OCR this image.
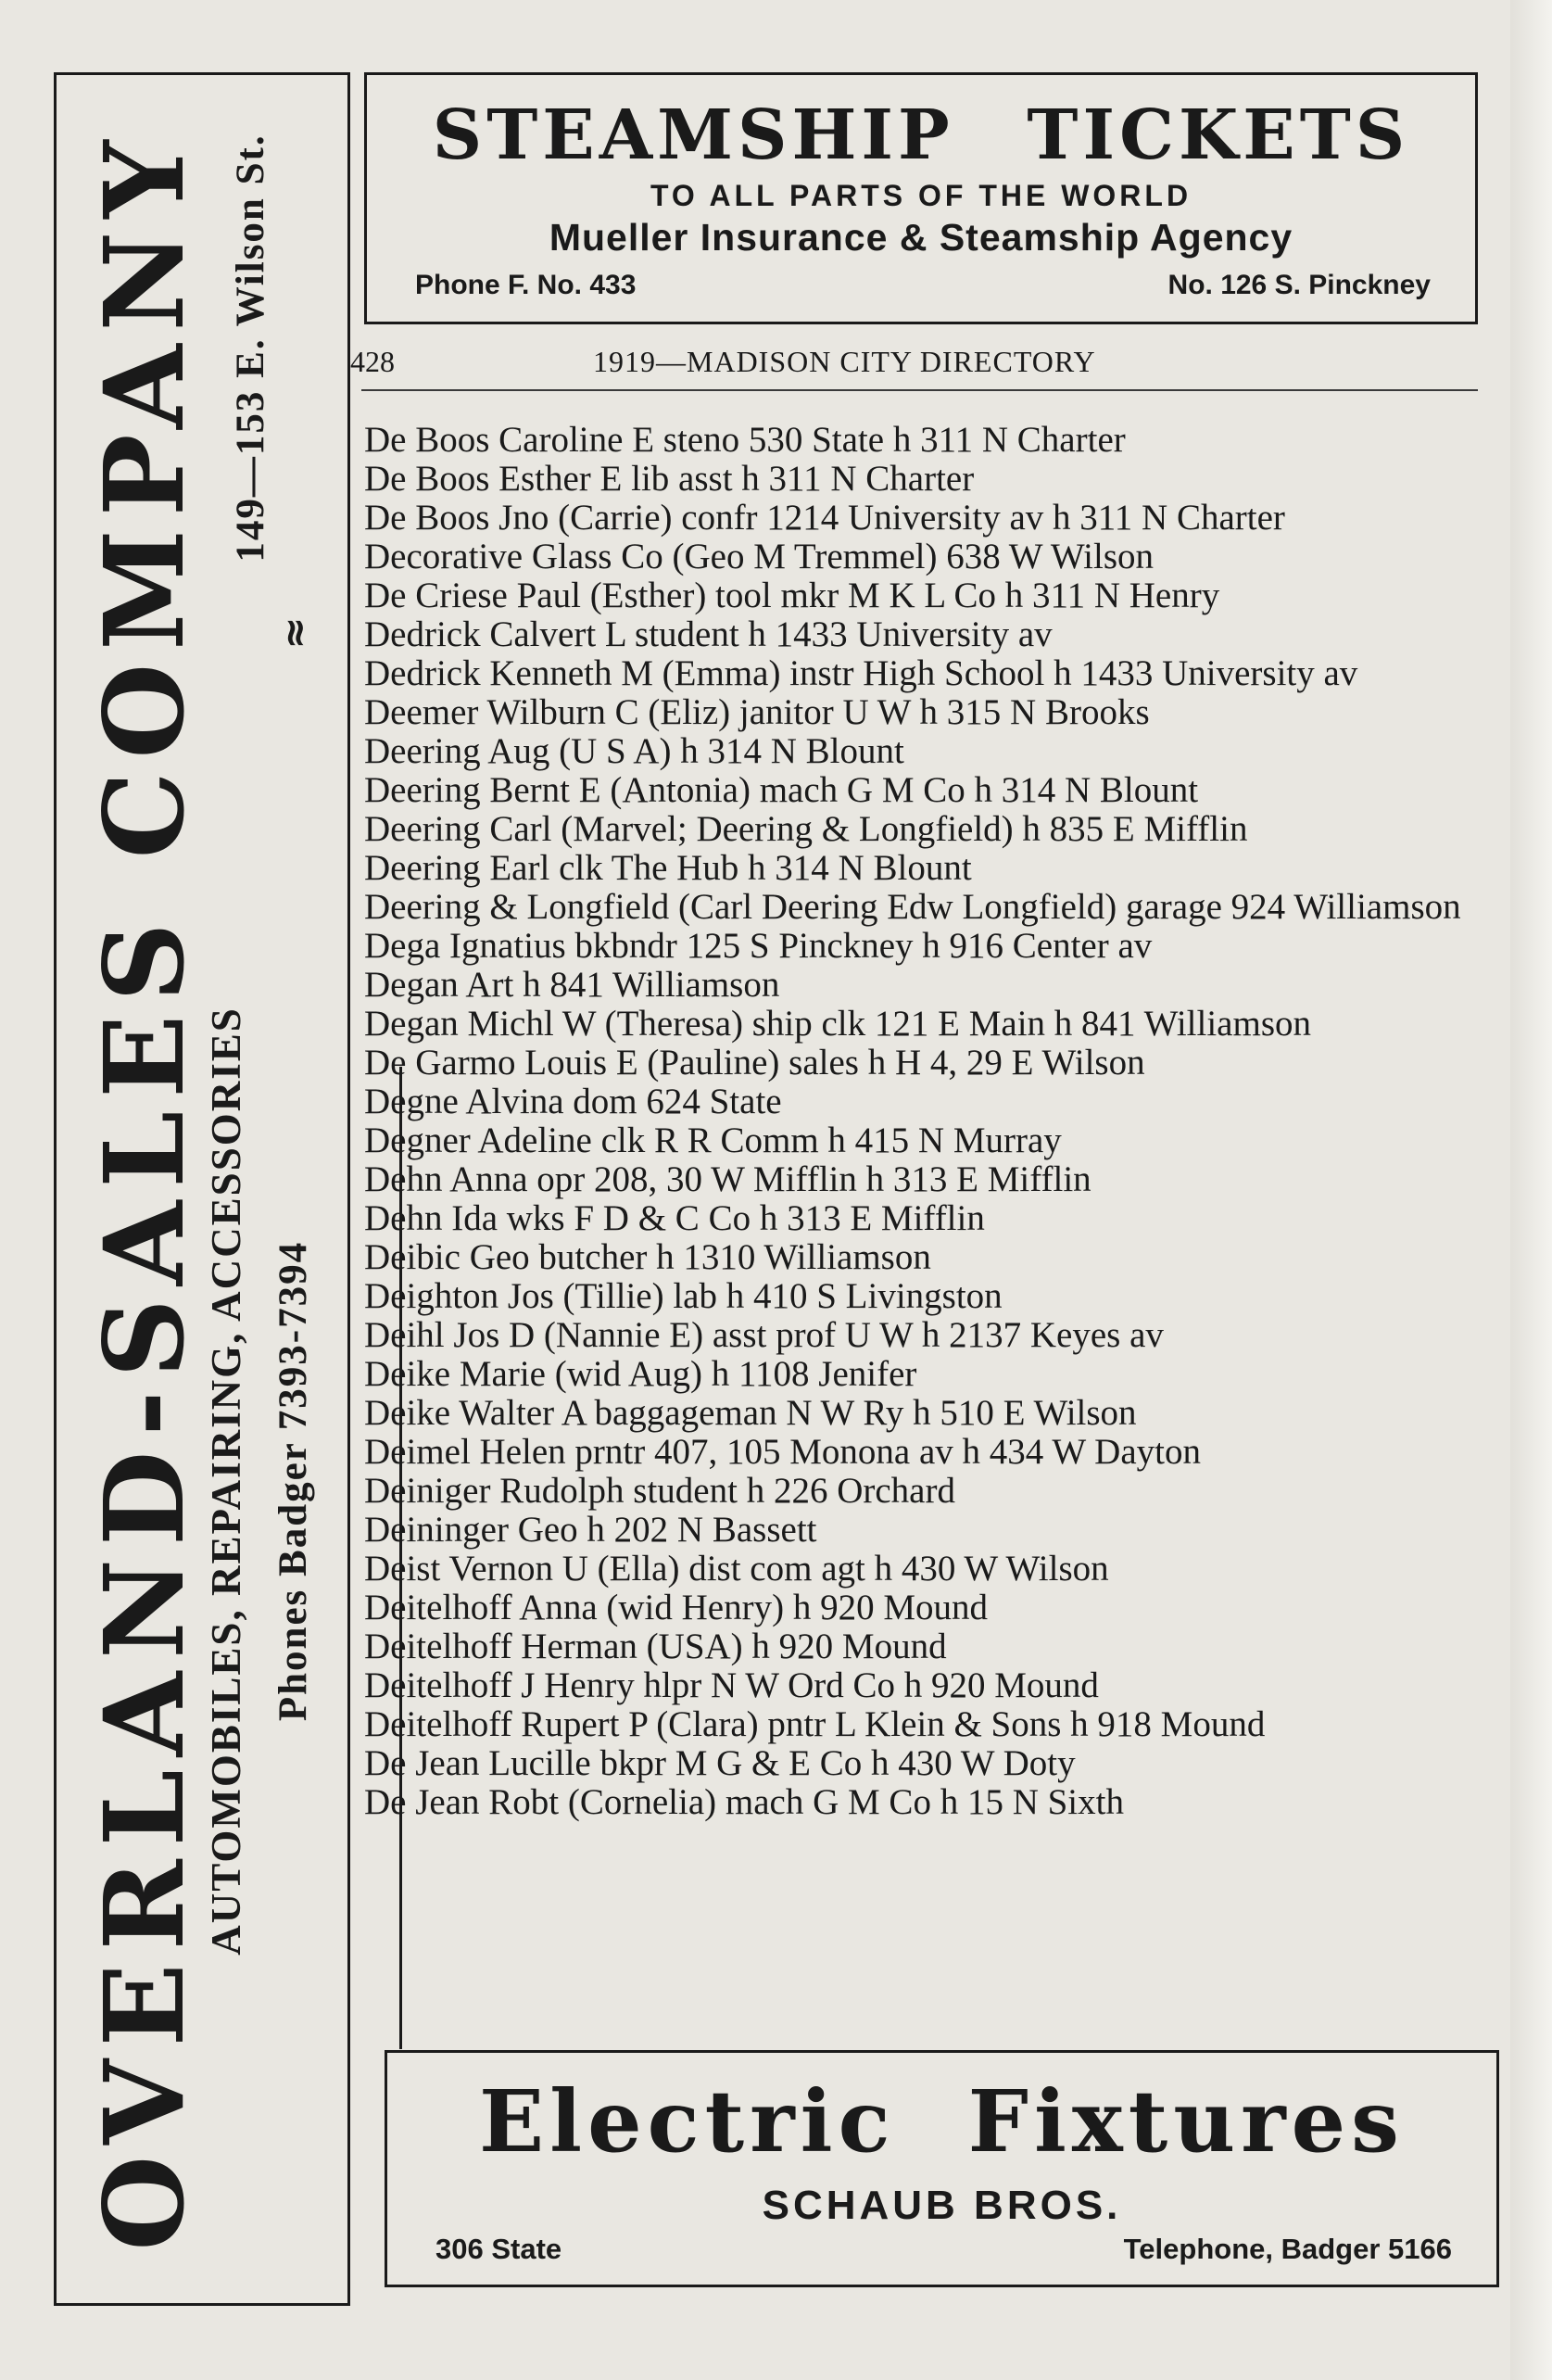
OVERLAND-SALES COMPANY
AUTOMOBILES, REPAIRING, ACCESSORIES Phones Badger 7393-7394
≈
149—153 E. Wilson St.	STEAMSHIP TICKETS
TO ALL PARTS OF THE WORLD
Mueller Insurance & Steamship Agency
Phone F. No. 433	No. 126 S. Pinckney
428	1919—MADISON CITY DIRECTORY
De Boos Caroline E steno 530 State h 311 N Charter
De Boos Esther E lib asst h 311 N Charter
De Boos Jno (Carrie) confr 1214 University av h 311 N Charter
Decorative Glass Co (Geo M Tremmel) 638 W Wilson
De Criese Paul (Esther) tool mkr M K L Co h 311 N Henry
Dedrick Calvert L student h 1433 University av
Dedrick Kenneth M (Emma) instr High School h 1433 University av
Deemer Wilburn C (Eliz) janitor U W h 315 N Brooks
Deering Aug (U S A) h 314 N Blount
Deering Bernt E (Antonia) mach G M Co h 314 N Blount
Deering Carl (Marvel; Deering & Longfield) h 835 E Mifflin
Deering Earl clk The Hub h 314 N Blount
Deering & Longfield (Carl Deering Edw Longfield) garage 924 Williamson
Dega Ignatius bkbndr 125 S Pinckney h 916 Center av
Degan Art h 841 Williamson
Degan Michl W (Theresa) ship clk 121 E Main h 841 Williamson
De Garmo Louis E (Pauline) sales h H 4, 29 E Wilson
Degne Alvina dom 624 State
Degner Adeline clk R R Comm h 415 N Murray
Dehn Anna opr 208, 30 W Mifflin h 313 E Mifflin
Dehn Ida wks F D & C Co h 313 E Mifflin
Deibic Geo butcher h 1310 Williamson
Deighton Jos (Tillie) lab h 410 S Livingston
Deihl Jos D (Nannie E) asst prof U W h 2137 Keyes av
Deike Marie (wid Aug) h 1108 Jenifer
Deike Walter A baggageman N W Ry h 510 E Wilson
Deimel Helen prntr 407, 105 Monona av h 434 W Dayton
Deiniger Rudolph student h 226 Orchard
Deininger Geo h 202 N Bassett
Deist Vernon U (Ella) dist com agt h 430 W Wilson
Deitelhoff Anna (wid Henry) h 920 Mound
Deitelhoff Herman (USA) h 920 Mound
Deitelhoff J Henry hlpr N W Ord Co h 920 Mound
Deitelhoff Rupert P (Clara) pntr L Klein & Sons h 918 Mound
De Jean Lucille bkpr M G & E Co h 430 W Doty
De Jean Robt (Cornelia) mach G M Co h 15 N Sixth
Electric Fixtures
SCHAUB BROS.
306 State	Telephone, Badger 5166
